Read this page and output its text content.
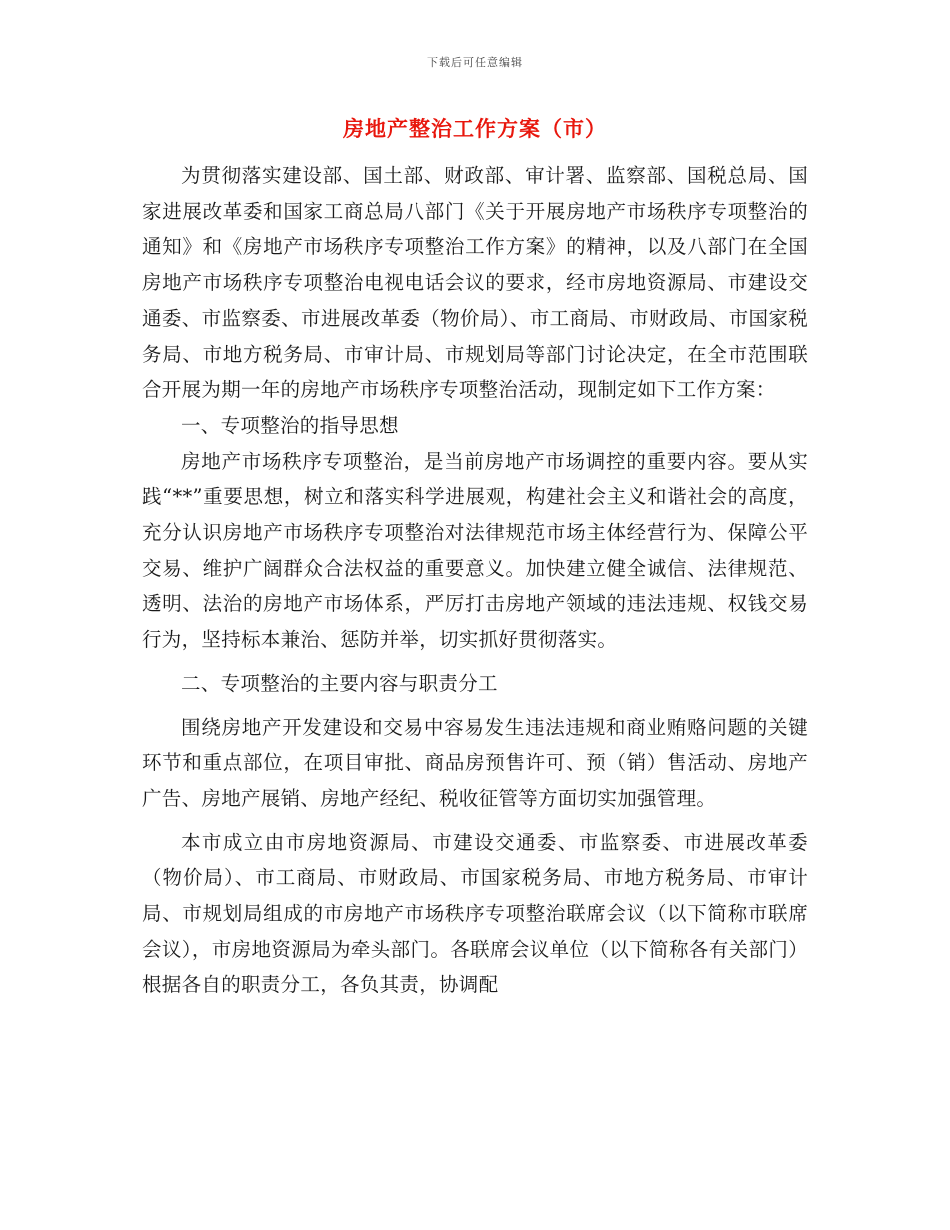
下载后可任意编辑
房地产整治工作方案（市）

为贯彻落实建设部、国土部、财政部、审计署、监察部、国税总局、国家进展改革委和国家工商总局八部门《关于开展房地产市场秩序专项整治的通知》和《房地产市场秩序专项整治工作方案》的精神，以及八部门在全国房地产市场秩序专项整治电视电话会议的要求，经市房地资源局、市建设交通委、市监察委、市进展改革委（物价局）、市工商局、市财政局、市国家税务局、市地方税务局、市审计局、市规划局等部门讨论决定，在全市范围联合开展为期一年的房地产市场秩序专项整治活动，现制定如下工作方案：

一、专项整治的指导思想

房地产市场秩序专项整治，是当前房地产市场调控的重要内容。要从实践“**”重要思想，树立和落实科学进展观，构建社会主义和谐社会的高度，充分认识房地产市场秩序专项整治对法律规范市场主体经营行为、保障公平交易、维护广阔群众合法权益的重要意义。加快建立健全诚信、法律规范、透明、法治的房地产市场体系，严厉打击房地产领域的违法违规、权钱交易行为，坚持标本兼治、惩防并举，切实抓好贯彻落实。

二、专项整治的主要内容与职责分工

围绕房地产开发建设和交易中容易发生违法违规和商业贿赂问题的关键环节和重点部位，在项目审批、商品房预售许可、预（销）售活动、房地产广告、房地产展销、房地产经纪、税收征管等方面切实加强管理。

本市成立由市房地资源局、市建设交通委、市监察委、市进展改革委（物价局）、市工商局、市财政局、市国家税务局、市地方税务局、市审计局、市规划局组成的市房地产市场秩序专项整治联席会议（以下简称市联席会议），市房地资源局为牵头部门。各联席会议单位（以下简称各有关部门）根据各自的职责分工，各负其责，协调配
